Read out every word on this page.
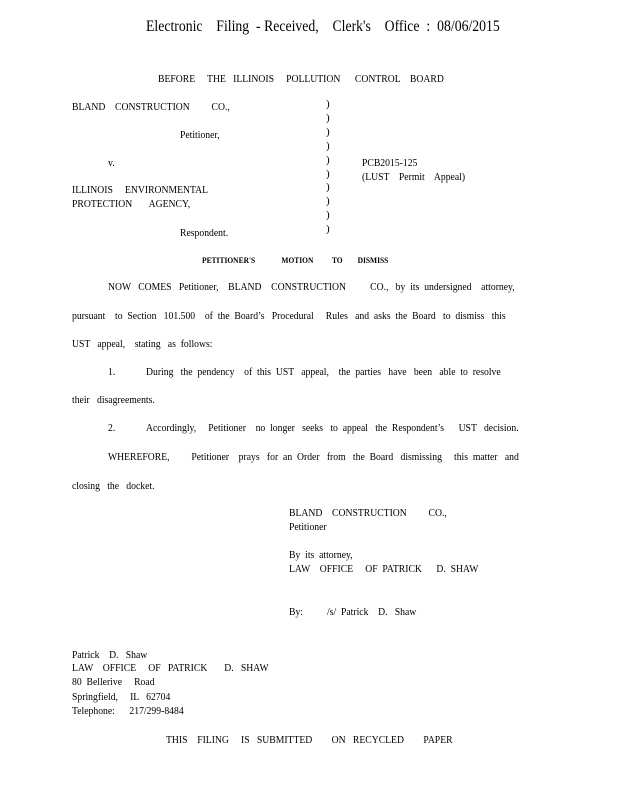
Electronic    Filing  - Received,    Clerk's    Office  :  08/06/2015
BEFORE     THE   ILLINOIS     POLLUTION      CONTROL    BOARD
BLAND    CONSTRUCTION         CO.,
Petitioner,
v.
ILLINOIS     ENVIRONMENTAL
PROTECTION       AGENCY,
Respondent.
)
)
)
)
)
)
)
)
)
)
PCB2015-125
(LUST    Permit    Appeal)
PETITIONER'S              MOTION          TO        DISMISS
NOW   COMES   Petitioner,    BLAND    CONSTRUCTION          CO.,   by  its  undersigned    attorney,
pursuant    to  Section   101.500    of  the  Board’s   Procedural     Rules   and  asks  the  Board   to  dismiss   this
UST   appeal,    stating   as  follows:
1.	During   the  pendency    of  this  UST   appeal,    the  parties   have   been   able  to  resolve
their   disagreements.
2.	Accordingly,     Petitioner    no  longer   seeks   to  appeal   the  Respondent’s      UST   decision.
WHEREFORE,         Petitioner    prays   for  an  Order   from   the  Board   dismissing     this  matter   and
closing   the   docket.
BLAND    CONSTRUCTION         CO.,
Petitioner
By  its  attorney,
LAW    OFFICE     OF  PATRICK      D.  SHAW
By: /s/  Patrick    D.   Shaw
Patrick    D.   Shaw
LAW    OFFICE     OF   PATRICK       D.   SHAW
80  Bellerive     Road
Springfield,     IL   62704
Telephone:      217/299-8484
THIS    FILING     IS   SUBMITTED        ON   RECYCLED        PAPER
